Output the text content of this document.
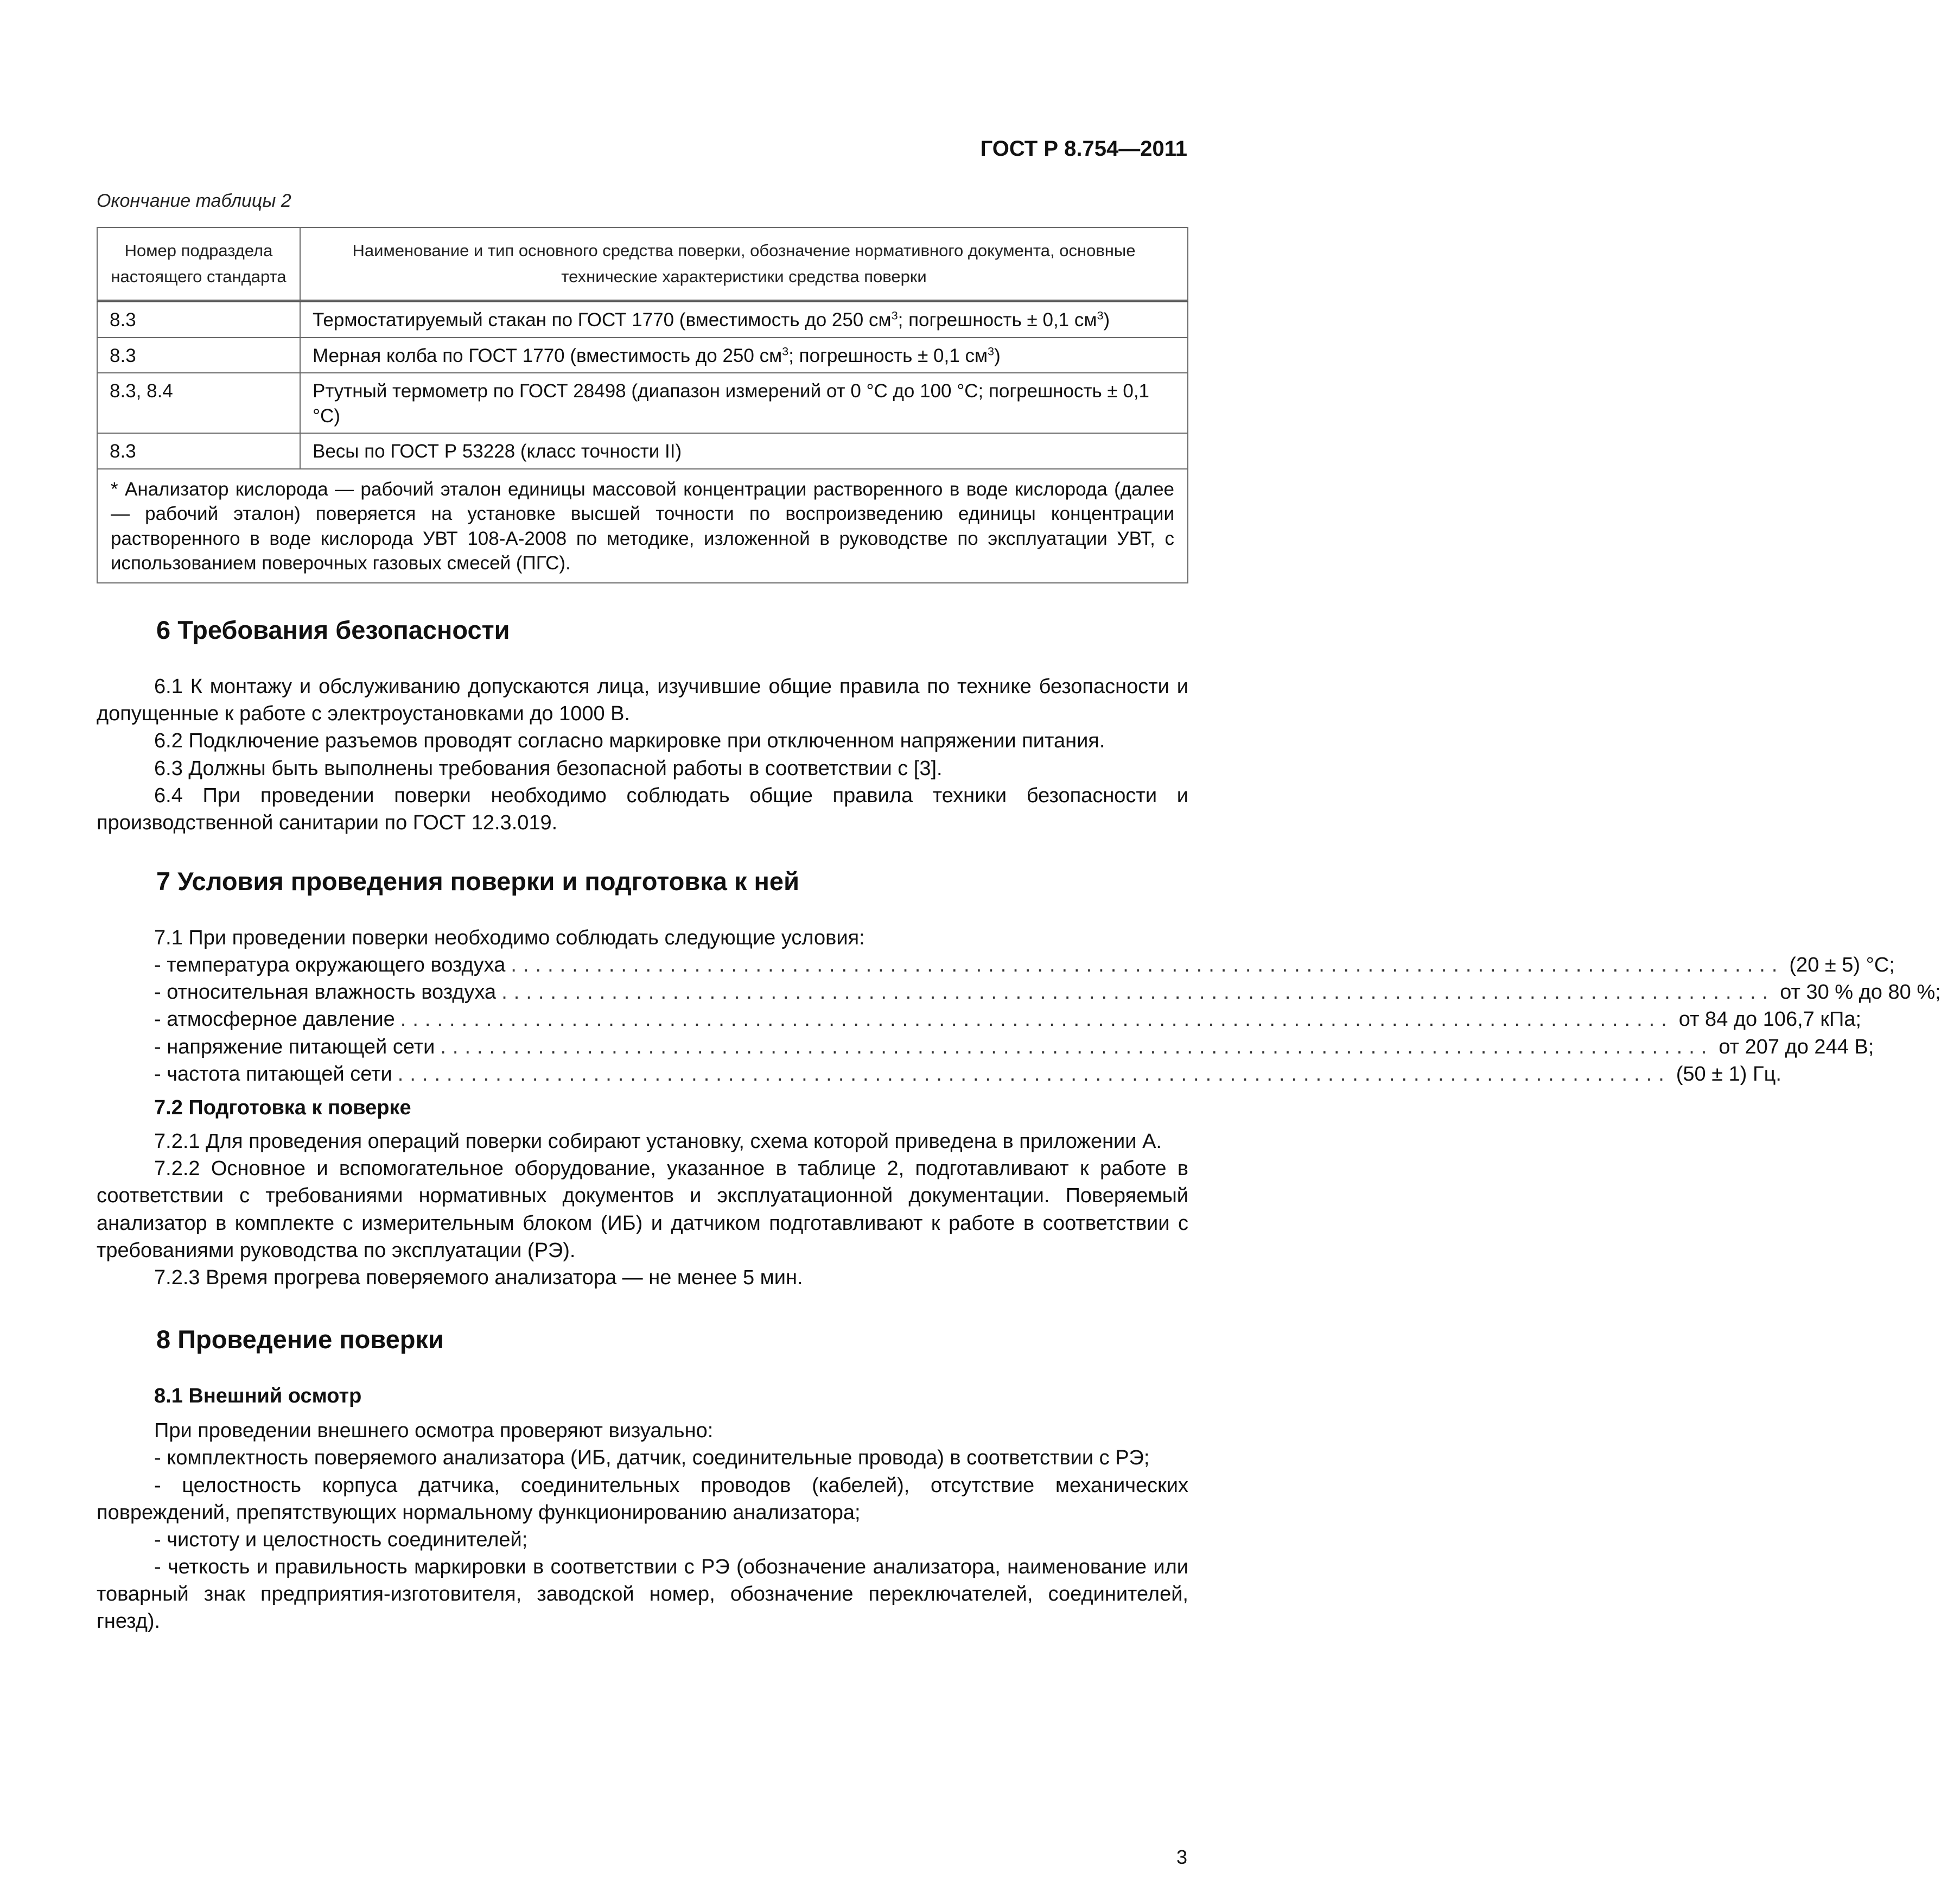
ГОСТ Р 8.754—2011
Окончание таблицы 2
Номер подраздела настоящего стандарта	Наименование и тип основного средства поверки, обозначение нормативного документа, основные технические характеристики средства поверки
8.3	Термостатируемый стакан по ГОСТ 1770 (вместимость до 250 $см^3$; погрешность ± 0,1 $см^3$)
8.3	Мерная колба по ГОСТ 1770 (вместимость до 250 $см^3$; погрешность ± 0,1 $см^3$)
8.3, 8.4	Ртутный термометр по ГОСТ 28498 (диапазон измерений от 0 °С до 100 °С; погрешность ± 0,1 °С)
8.3	Весы по ГОСТ Р 53228 (класс точности II)
* Анализатор кислорода — рабочий эталон единицы массовой концентрации растворенного в воде кислорода (далее — рабочий эталон) поверяется на установке высшей точности по воспроизведению единицы концентрации растворенного в воде кислорода УВТ 108-А-2008 по методике, изложенной в руководстве по эксплуатации УВТ, с использованием поверочных газовых смесей (ПГС).	
6 Требования безопасности

6.1 К монтажу и обслуживанию допускаются лица, изучившие общие правила по технике безопасности и допущенные к работе с электроустановками до 1000 В.

6.2 Подключение разъемов проводят согласно маркировке при отключенном напряжении питания.

6.3 Должны быть выполнены требования безопасной работы в соответствии с [3].

6.4 При проведении поверки необходимо соблюдать общие правила техники безопасности и производственной санитарии по ГОСТ 12.3.019.

7 Условия проведения поверки и подготовка к ней

7.1 При проведении поверки необходимо соблюдать следующие условия:

- температура окружающего воздуха ........................................................................................................ (20 ± 5) °С;
- относительная влажность воздуха ........................................................................................................ от 30 % до 80 %;
- атмосферное давление ........................................................................................................ от 84 до 106,7 кПа;
- напряжение питающей сети ........................................................................................................ от 207 до 244 В;
- частота питающей сети ........................................................................................................ (50 ± 1) Гц.
7.2 Подготовка к поверке

7.2.1 Для проведения операций поверки собирают установку, схема которой приведена в приложении А.

7.2.2 Основное и вспомогательное оборудование, указанное в таблице 2, подготавливают к работе в соответствии с требованиями нормативных документов и эксплуатационной документации. Поверяемый анализатор в комплекте с измерительным блоком (ИБ) и датчиком подготавливают к работе в соответствии с требованиями руководства по эксплуатации (РЭ).

7.2.3 Время прогрева поверяемого анализатора — не менее 5 мин.

8 Проведение поверки
8.1 Внешний осмотр

При проведении внешнего осмотра проверяют визуально:

- комплектность поверяемого анализатора (ИБ, датчик, соединительные провода) в соответствии с РЭ;

- целостность корпуса датчика, соединительных проводов (кабелей), отсутствие механических повреждений, препятствующих нормальному функционированию анализатора;

- чистоту и целостность соединителей;

- четкость и правильность маркировки в соответствии с РЭ (обозначение анализатора, наименование или товарный знак предприятия-изготовителя, заводской номер, обозначение переключателей, соединителей, гнезд).

3
